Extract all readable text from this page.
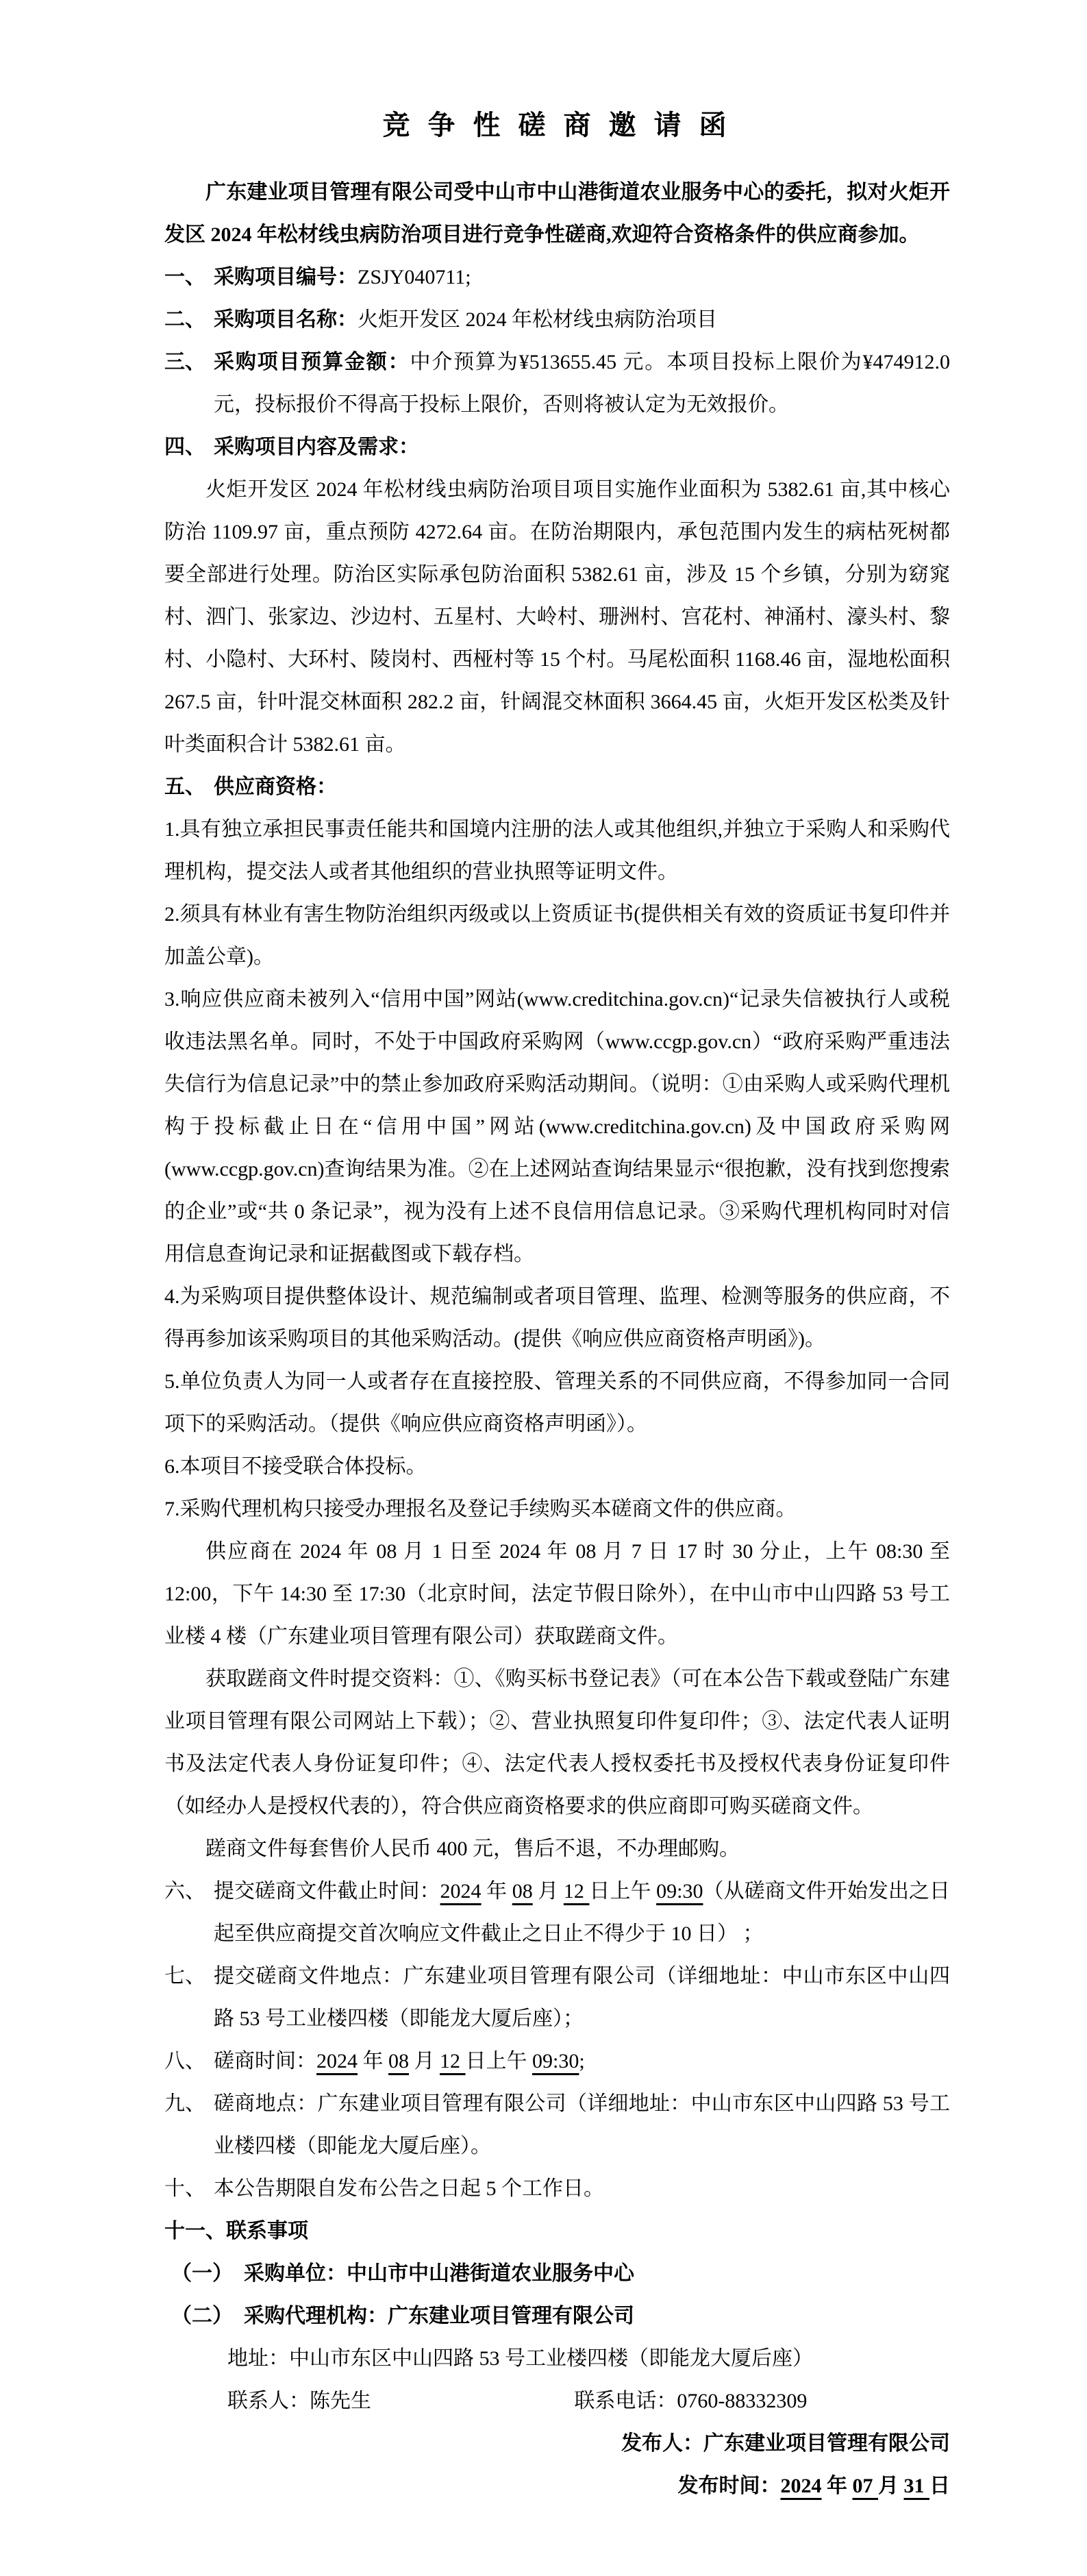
竞 争 性 磋 商 邀 请 函

广东建业项目管理有限公司受中山市中山港街道农业服务中心的委托，拟对火炬开发区 2024 年松材线虫病防治项目进行竞争性磋商,欢迎符合资格条件的供应商参加。

一、 采购项目编号：ZSJY040711;
二、 采购项目名称：火炬开发区 2024 年松材线虫病防治项目
三、 采购项目预算金额：中介预算为¥513655.45 元。本项目投标上限价为¥474912.0 元，投标报价不得高于投标上限价，否则将被认定为无效报价。
四、 采购项目内容及需求：

火炬开发区 2024 年松材线虫病防治项目项目实施作业面积为 5382.61 亩,其中核心防治 1109.97 亩，重点预防 4272.64 亩。在防治期限内，承包范围内发生的病枯死树都要全部进行处理。防治区实际承包防治面积 5382.61 亩，涉及 15 个乡镇，分别为窈窕村、泗门、张家边、沙边村、五星村、大岭村、珊洲村、宫花村、神涌村、濠头村、黎村、小隐村、大环村、陵岗村、西桠村等 15 个村。马尾松面积 1168.46 亩，湿地松面积 267.5 亩，针叶混交林面积 282.2 亩，针阔混交林面积 3664.45 亩，火炬开发区松类及针叶类面积合计 5382.61 亩。

五、 供应商资格：

1.具有独立承担民事责任能共和国境内注册的法人或其他组织,并独立于采购人和采购代理机构，提交法人或者其他组织的营业执照等证明文件。

2.须具有林业有害生物防治组织丙级或以上资质证书(提供相关有效的资质证书复印件并加盖公章)。

3.响应供应商未被列入“信用中国”网站(www.creditchina.gov.cn)“记录失信被执行人或税收违法黑名单。同时，不处于中国政府采购网（www.ccgp.gov.cn）“政府采购严重违法失信行为信息记录”中的禁止参加政府采购活动期间。（说明：①由采购人或采购代理机构于投标截止日在“信用中国”网站(www.creditchina.gov.cn)及中国政府采购网(www.ccgp.gov.cn)查询结果为准。②在上述网站查询结果显示“很抱歉，没有找到您搜索的企业”或“共 0 条记录”，视为没有上述不良信用信息记录。③采购代理机构同时对信用信息查询记录和证据截图或下载存档。

4.为采购项目提供整体设计、规范编制或者项目管理、监理、检测等服务的供应商，不得再参加该采购项目的其他采购活动。(提供《响应供应商资格声明函》)。

5.单位负责人为同一人或者存在直接控股、管理关系的不同供应商，不得参加同一合同项下的采购活动。（提供《响应供应商资格声明函》）。

6.本项目不接受联合体投标。

7.采购代理机构只接受办理报名及登记手续购买本磋商文件的供应商。

供应商在 2024 年 08 月 1 日至 2024 年 08 月 7 日 17 时 30 分止，上午 08:30 至 12:00，下午 14:30 至 17:30（北京时间，法定节假日除外），在中山市中山四路 53 号工业楼 4 楼（广东建业项目管理有限公司）获取蹉商文件。

获取蹉商文件时提交资料：①、《购买标书登记表》（可在本公告下载或登陆广东建业项目管理有限公司网站上下载）；②、营业执照复印件复印件；③、法定代表人证明书及法定代表人身份证复印件；④、法定代表人授权委托书及授权代表身份证复印件（如经办人是授权代表的），符合供应商资格要求的供应商即可购买磋商文件。

蹉商文件每套售价人民币 400 元，售后不退，不办理邮购。

六、 提交磋商文件截止时间：2024 年 08 月 12 日上午 09:30（从磋商文件开始发出之日起至供应商提交首次响应文件截止之日止不得少于 10 日） ；
七、 提交磋商文件地点：广东建业项目管理有限公司（详细地址：中山市东区中山四路 53 号工业楼四楼（即能龙大厦后座）；
八、 磋商时间：2024 年 08 月 12 日上午 09:30;
九、 磋商地点：广东建业项目管理有限公司（详细地址：中山市东区中山四路 53 号工业楼四楼（即能龙大厦后座）。
十、 本公告期限自发布公告之日起 5 个工作日。
十一、 联系事项

（一） 采购单位：中山市中山港街道农业服务中心

（二） 采购代理机构：广东建业项目管理有限公司

地址：中山市东区中山四路 53 号工业楼四楼（即能龙大厦后座）

联系人：陈先生	联系电话：0760-88332309

发布人：广东建业项目管理有限公司

发布时间：2024 年 07 月 31 日
